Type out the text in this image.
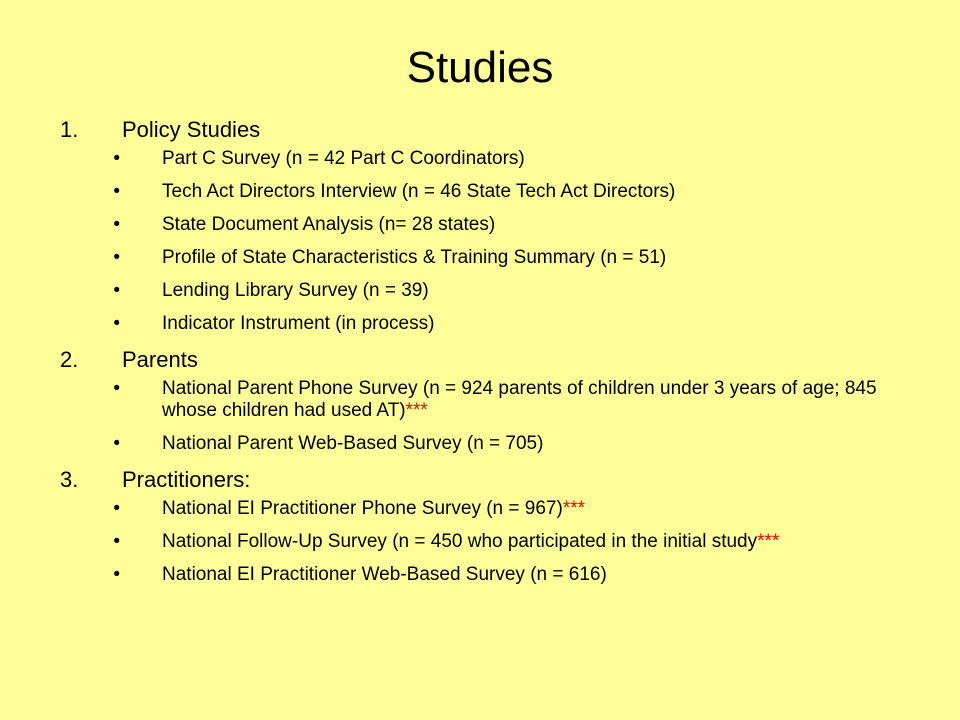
Studies
1.	Policy Studies
•	Part C Survey (n = 42 Part C Coordinators)
•	Tech Act Directors Interview (n = 46 State Tech Act Directors)
•	State Document Analysis (n= 28 states)
•	Profile of State Characteristics & Training Summary (n = 51)
•	Lending Library Survey (n = 39)
•	Indicator Instrument (in process)
2.	Parents
•	National Parent Phone Survey (n = 924 parents of children under 3 years of age; 845 whose children had used AT)***
•	National Parent Web-Based Survey (n = 705)
3.	Practitioners:
•	National EI Practitioner Phone Survey (n = 967)***
•	National Follow-Up Survey (n = 450 who participated in the initial study***
•	National EI Practitioner Web-Based Survey (n = 616)
